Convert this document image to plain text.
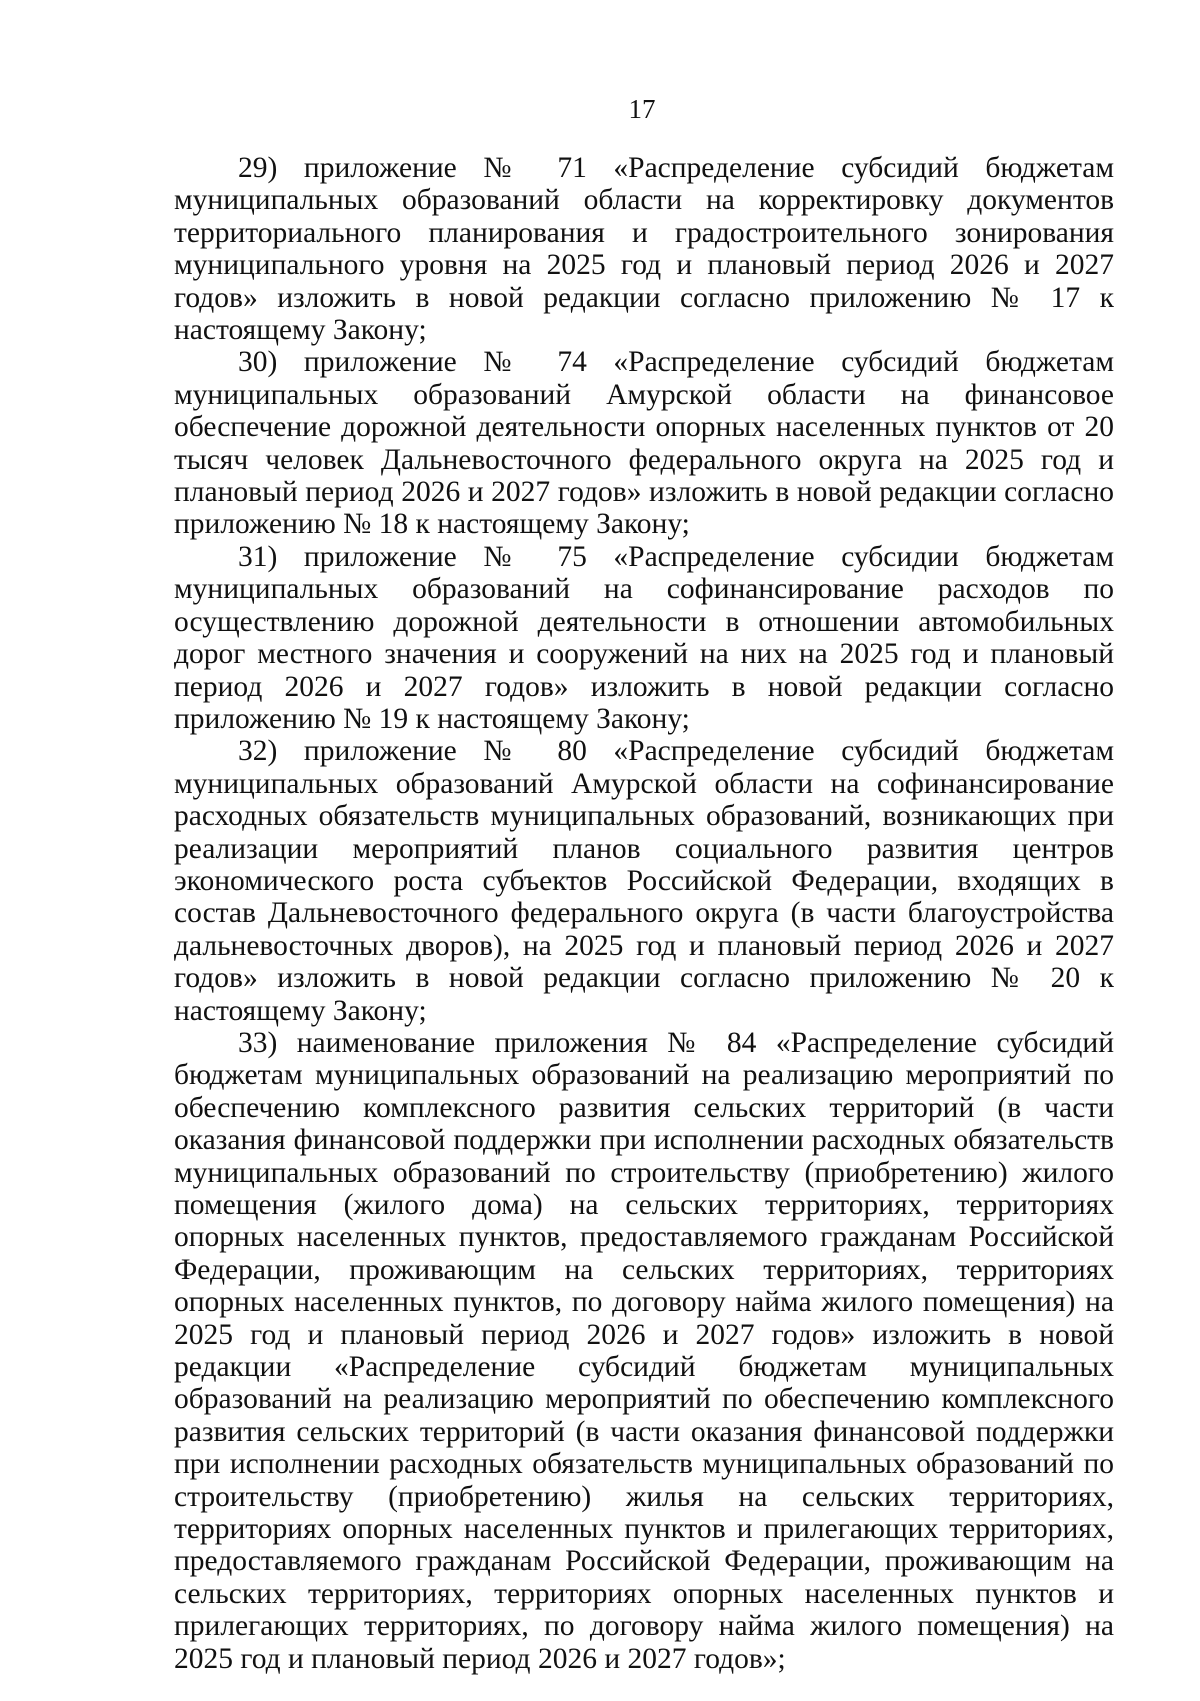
17

29) приложение № 71 «Распределение субсидий бюджетам муниципальных образований области на корректировку документов территориального планирования и градостроительного зонирования муниципального уровня на 2025 год и плановый период 2026 и 2027 годов» изложить в новой редакции согласно приложению № 17 к настоящему Закону;

30) приложение № 74 «Распределение субсидий бюджетам муниципальных образований Амурской области на финансовое обеспечение дорожной деятельности опорных населенных пунктов от 20 тысяч человек Дальневосточного федерального округа на 2025 год и плановый период 2026 и 2027 годов» изложить в новой редакции согласно приложению № 18 к настоящему Закону;

31) приложение № 75 «Распределение субсидии бюджетам муниципальных образований на софинансирование расходов по осуществлению дорожной деятельности в отношении автомобильных дорог местного значения и сооружений на них на 2025 год и плановый период 2026 и 2027 годов» изложить в новой редакции согласно приложению № 19 к настоящему Закону;

32) приложение № 80 «Распределение субсидий бюджетам муниципальных образований Амурской области на софинансирование расходных обязательств муниципальных образований, возникающих при реализации мероприятий планов социального развития центров экономического роста субъектов Российской Федерации, входящих в состав Дальневосточного федерального округа (в части благоустройства дальневосточных дворов), на 2025 год и плановый период 2026 и 2027 годов» изложить в новой редакции согласно приложению № 20 к настоящему Закону;

33) наименование приложения № 84 «Распределение субсидий бюджетам муниципальных образований на реализацию мероприятий по обеспечению комплексного развития сельских территорий (в части оказания финансовой поддержки при исполнении расходных обязательств муниципальных образований по строительству (приобретению) жилого помещения (жилого дома) на сельских территориях, территориях опорных населенных пунктов, предоставляемого гражданам Российской Федерации, проживающим на сельских территориях, территориях опорных населенных пунктов, по договору найма жилого помещения) на 2025 год и плановый период 2026 и 2027 годов» изложить в новой редакции «Распределение субсидий бюджетам муниципальных образований на реализацию мероприятий по обеспечению комплексного развития сельских территорий (в части оказания финансовой поддержки при исполнении расходных обязательств муниципальных образований по строительству (приобретению) жилья на сельских территориях, территориях опорных населенных пунктов и прилегающих территориях, предоставляемого гражданам Российской Федерации, проживающим на сельских территориях, территориях опорных населенных пунктов и прилегающих территориях, по договору найма жилого помещения) на 2025 год и плановый период 2026 и 2027 годов»;
